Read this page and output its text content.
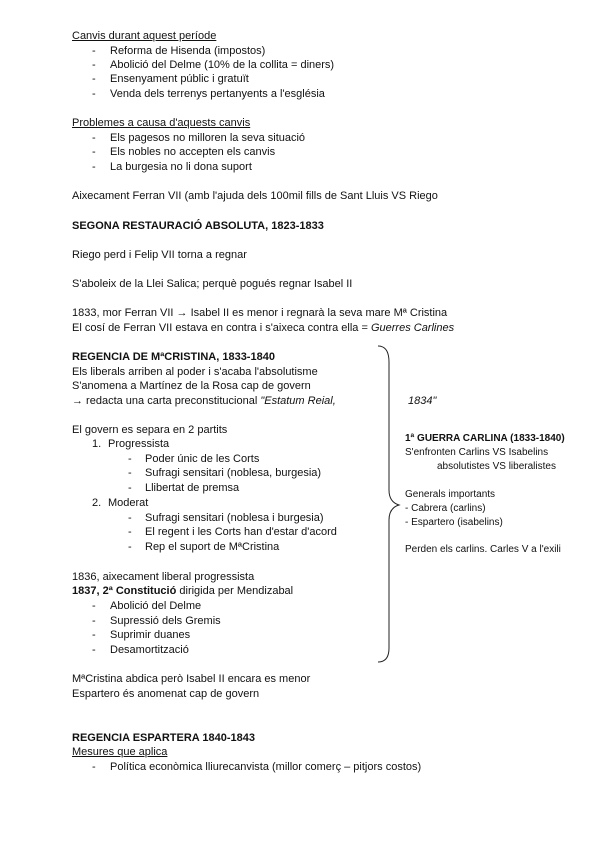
Canvis durant aquest període
- Reforma de Hisenda (impostos)
- Abolició del Delme (10% de la collita = diners)
- Ensenyament públic i gratuït
- Venda dels terrenys pertanyents a l'església
Problemes a causa d'aquests canvis
- Els pagesos no milloren la seva situació
- Els nobles no accepten els canvis
- La burgesia no li dona suport
Aixecament Ferran VII (amb l'ajuda dels 100mil fills de Sant Lluis VS Riego
SEGONA RESTAURACIÓ ABSOLUTA, 1823-1833
Riego perd i Felip VII torna a regnar
S'aboleix de la Llei Salica; perquè pogués regnar Isabel II
1833, mor Ferran VII → Isabel II es menor i regnarà la seva mare Mª Cristina
El cosí de Ferran VII estava en contra i s'aixeca contra ella = Guerres Carlines
REGENCIA DE MªCRISTINA, 1833-1840
Els liberals arriben al poder i s'acaba l'absolutisme
S'anomena a Martínez de la Rosa cap de govern
→ redacta una carta preconstitucional "Estatum Reial,	1834"
El govern es separa en 2 partits
1. Progressista
- Poder únic de les Corts
- Sufragi sensitari (noblesa, burgesia)
- Llibertat de premsa
2. Moderat
- Sufragi sensitari (noblesa i burgesia)
- El regent i les Corts han d'estar d'acord
- Rep el suport de MªCristina
1836, aixecament liberal progressista
1837, 2ª Constitució dirigida per Mendizabal
- Abolició del Delme
- Supressió dels Gremis
- Suprimir duanes
- Desamortització
MªCristina abdica però Isabel II encara es menor
Espartero és anomenat cap de govern
1ª GUERRA CARLINA (1833-1840)
S'enfronten Carlins VS Isabelins
absolutistes VS liberalistes
Generals importants
- Cabrera (carlins)
- Espartero (isabelins)
Perden els carlins. Carles V a l'exili
REGENCIA ESPARTERA 1840-1843
Mesures que aplica
- Política econòmica lliurecanvista (millor comerç – pitjors costos)
